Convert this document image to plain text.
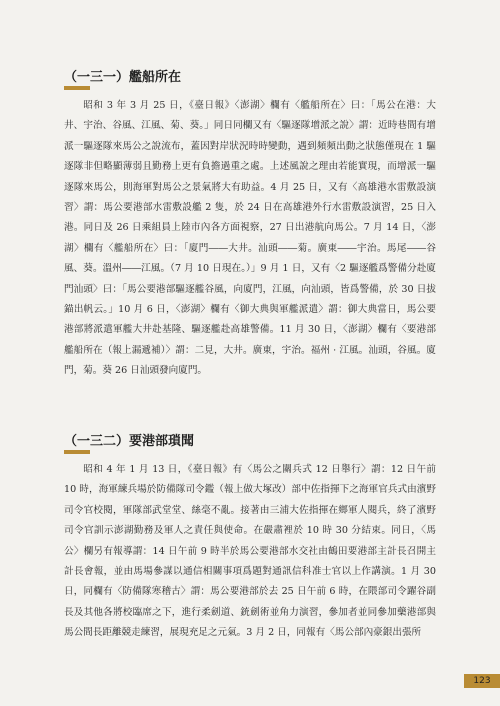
（一三一）艦船所在

昭和 3 年 3 月 25 日，《臺日報》〈澎湖〉欄有〈艦船所在〉曰：「馬公在港：大井、宇治、谷風、江風、菊、葵。」同日同欄又有〈驅逐隊增派之說〉謂：近時巷間有增派一驅逐隊來馬公之說流布，蓋因對岸狀況時時變動，遇到頻頻出動之狀態僅現在 1 驅逐隊非但略顯薄弱且勤務上更有負擔過重之處。上述風說之理由若能實現，而增派一驅逐隊來馬公，則海軍對馬公之景氣將大有助益。4 月 25 日，又有〈高雄港水雷敷設演習〉謂：馬公要港部水雷敷設艦 2 隻，於 24 日在高雄港外行水雷敷設演習，25 日入港。同日及 26 日乘組員上陸市內各方面視察，27 日出港航向馬公。7 月 14 日，〈澎湖〉欄有〈艦船所在〉曰：「廈門――大井。汕頭――菊。廣東――宇治。馬尾――谷風、葵。溫州――江風。（7 月 10 日現在。）」9 月 1 日，又有〈2 驅逐艦爲警備分赴廈門汕頭〉曰：「馬公要港部驅逐艦谷風，向廈門，江風，向汕頭，皆爲警備，於 30 日拔錨出帆云。」10 月 6 日，〈澎湖〉欄有〈御大典與軍艦派遣〉謂：御大典當日，馬公要港部將派遣軍艦大井赴基隆、驅逐艦赴高雄警備。11 月 30 日，〈澎湖〉欄有〈要港部艦船所在（報上漏遞補）〉謂：二見，大井。廣東，宇治。福州 · 江風。汕頭，谷風。廈門，菊。葵 26 日汕頭發向廈門。

（一三二）要港部瑣聞

昭和 4 年 1 月 13 日，《臺日報》有〈馬公之關兵式 12 日舉行〉謂：12 日午前 10 時，海軍練兵場於防備隊司令鑑（報上做大塚改）部中佐指揮下之海軍官兵式由濱野司令官校閱，軍隊部武堂堂、絲毫不亂。接著由三浦大佐指揮在鄉軍人閱兵，終了濱野司令官訓示澎湖勤務及軍人之責任與使命。在嚴肅裡於 10 時 30 分結束。同日，〈馬公〉欄另有報導謂：14 日午前 9 時半於馬公要港部水交社由鶴田要港部主計長召開主計長會報，並由馬場參謀以通信相關事項爲題對通訊信科准士官以上作講演。1 月 30 日，同欄有〈防備隊寒稽古〉謂：馬公要港部於去 25 日午前 6 時，在隈部司令躍谷副長及其他各將校臨席之下，進行柔劍道、銃劍術並角力演習，參加者並同參加藥港部與馬公間長距離競走練習，展現充足之元氣。3 月 2 日，同報有〈馬公部內豪銀出張所

123
